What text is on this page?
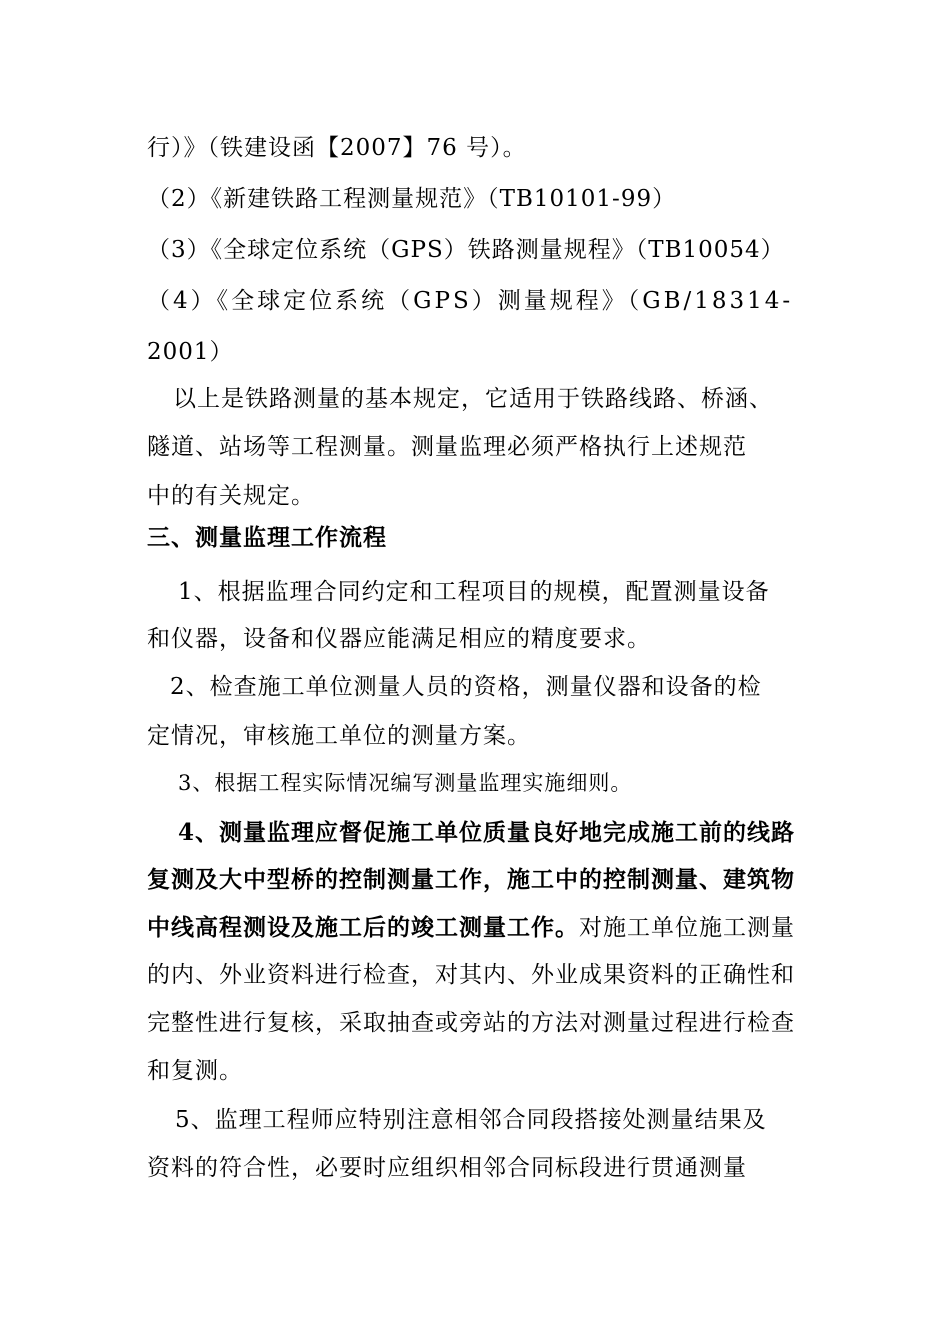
行）》（铁建设函【2007】76 号）。
（2）《新建铁路工程测量规范》（TB10101-99）
（3）《全球定位系统（GPS）铁路测量规程》（TB10054）
（4）《全球定位系统（GPS）测量规程》（GB/18314-
2001）
以上是铁路测量的基本规定，它适用于铁路线路、桥涵、
隧道、站场等工程测量。测量监理必须严格执行上述规范
中的有关规定。
三、测量监理工作流程
1、根据监理合同约定和工程项目的规模，配置测量设备
和仪器，设备和仪器应能满足相应的精度要求。
2、检查施工单位测量人员的资格，测量仪器和设备的检
定情况，审核施工单位的测量方案。
3、根据工程实际情况编写测量监理实施细则。
4、测量监理应督促施工单位质量良好地完成施工前的线路
复测及大中型桥的控制测量工作，施工中的控制测量、建筑物
中线高程测设及施工后的竣工测量工作。对施工单位施工测量
的内、外业资料进行检查，对其内、外业成果资料的正确性和
完整性进行复核，采取抽查或旁站的方法对测量过程进行检查
和复测。
5、监理工程师应特别注意相邻合同段搭接处测量结果及
资料的符合性，必要时应组织相邻合同标段进行贯通测量
